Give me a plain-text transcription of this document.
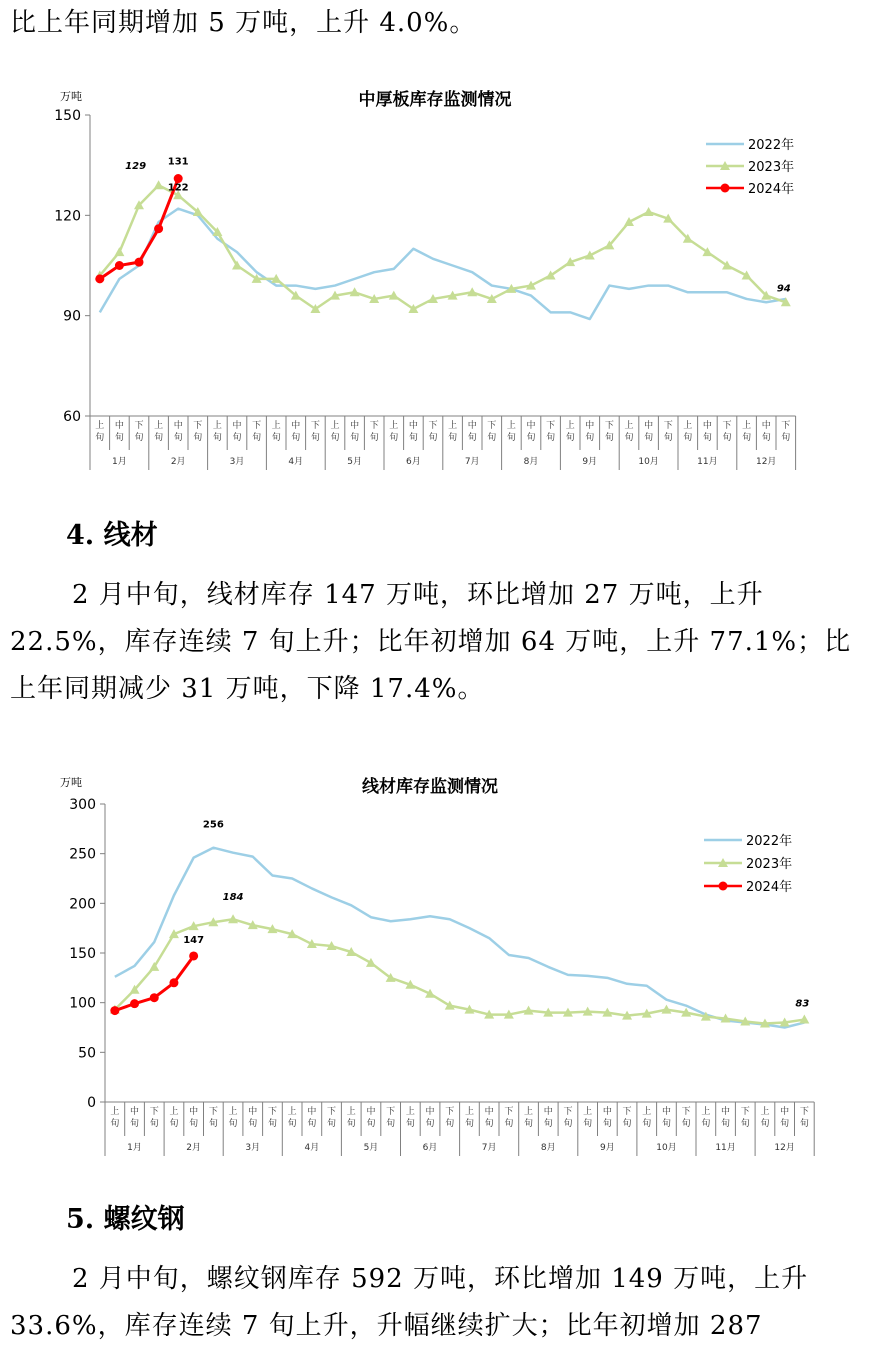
比上年同期增加 5 万吨，上升 4.0%。
中厚板库存监测情况
万吨
60
90
120
150
上旬
中旬
下旬
上旬
中旬
下旬
上旬
中旬
下旬
上旬
中旬
下旬
上旬
中旬
下旬
上旬
中旬
下旬
上旬
中旬
下旬
上旬
中旬
下旬
上旬
中旬
下旬
上旬
中旬
下旬
上旬
中旬
下旬
上旬
中旬
下旬
1月	2月	3月	4月	5月	6月	7月	8月	9月	10月	11月	12月
129 131
122
94
2022年
2023年
2024年
4. 线材
2 月中旬，线材库存 147 万吨，环比增加 27 万吨，上升 22.5%，库存连续 7 旬上升；比年初增加 64 万吨，上升 77.1%；比上年同期减少 31 万吨，下降 17.4%。
线材库存监测情况
万吨
0
50
100
150
200
250
300
上旬
中旬
下旬
上旬
中旬
下旬
上旬
中旬
下旬
上旬
中旬
下旬
上旬
中旬
下旬
上旬
中旬
下旬
上旬
中旬
下旬
上旬
中旬
下旬
上旬
中旬
下旬
上旬
中旬
下旬
上旬
中旬
下旬
上旬
中旬
下旬
1月	2月	3月	4月	5月	6月	7月	8月	9月	10月	11月	12月
256
184
147
83
2022年
2023年
2024年
5. 螺纹钢
2 月中旬，螺纹钢库存 592 万吨，环比增加 149 万吨，上升 33.6%，库存连续 7 旬上升，升幅继续扩大；比年初增加 287
